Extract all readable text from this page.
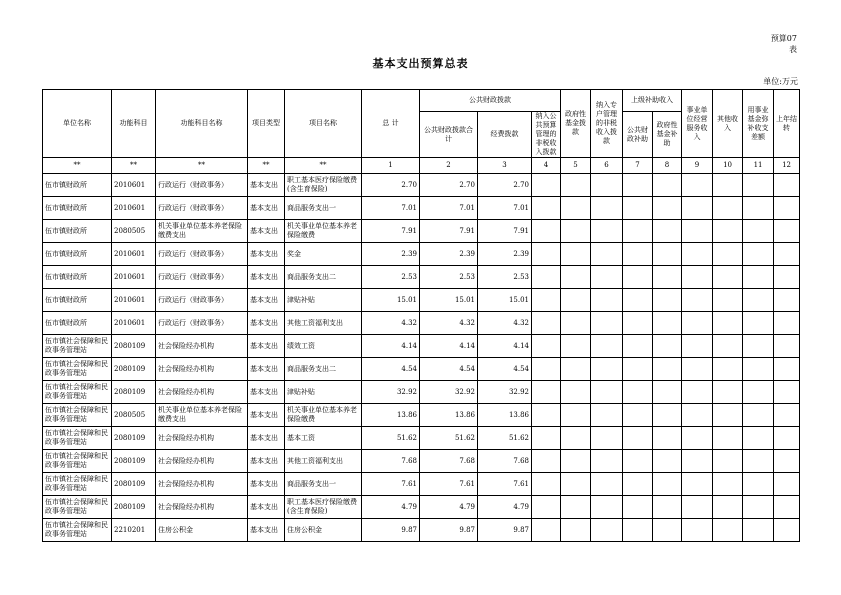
预算07
表
基本支出预算总表
单位:万元
单位名称	功能科目	功能科目名称	项目类型	项目名称	总 计	公共财政拨款			政府性基金拨款	纳入专户管理的非税收入拨款	上级补助收入		事业单位经营服务收入	其他收入	用事业基金弥补收支差额	上年结转
						公共财政拨款合计	经费拨款	纳入公共预算管理的非税收入拨款								
											公共财政补助	政府性基金补助				
**	**	**	**	**	1	2	3	4	5	6	7	8	9	10	11	12
伍市镇财政所	2010601	行政运行（财政事务）	基本支出	职工基本医疗保险缴费(含生育保险)	2.70	2.70	2.70									
伍市镇财政所	2010601	行政运行（财政事务）	基本支出	商品服务支出一	7.01	7.01	7.01									
伍市镇财政所	2080505	机关事业单位基本养老保险缴费支出	基本支出	机关事业单位基本养老保险缴费	7.91	7.91	7.91									
伍市镇财政所	2010601	行政运行（财政事务）	基本支出	奖金	2.39	2.39	2.39									
伍市镇财政所	2010601	行政运行（财政事务）	基本支出	商品服务支出二	2.53	2.53	2.53									
伍市镇财政所	2010601	行政运行（财政事务）	基本支出	津贴补贴	15.01	15.01	15.01									
伍市镇财政所	2010601	行政运行（财政事务）	基本支出	其他工资福利支出	4.32	4.32	4.32									
伍市镇社会保障和民政事务管理站	2080109	社会保险经办机构	基本支出	绩效工资	4.14	4.14	4.14									
伍市镇社会保障和民政事务管理站	2080109	社会保险经办机构	基本支出	商品服务支出二	4.54	4.54	4.54									
伍市镇社会保障和民政事务管理站	2080109	社会保险经办机构	基本支出	津贴补贴	32.92	32.92	32.92									
伍市镇社会保障和民政事务管理站	2080505	机关事业单位基本养老保险缴费支出	基本支出	机关事业单位基本养老保险缴费	13.86	13.86	13.86									
伍市镇社会保障和民政事务管理站	2080109	社会保险经办机构	基本支出	基本工资	51.62	51.62	51.62									
伍市镇社会保障和民政事务管理站	2080109	社会保险经办机构	基本支出	其他工资福利支出	7.68	7.68	7.68									
伍市镇社会保障和民政事务管理站	2080109	社会保险经办机构	基本支出	商品服务支出一	7.61	7.61	7.61									
伍市镇社会保障和民政事务管理站	2080109	社会保险经办机构	基本支出	职工基本医疗保险缴费(含生育保险)	4.79	4.79	4.79									
伍市镇社会保障和民政事务管理站	2210201	住房公积金	基本支出	住房公积金	9.87	9.87	9.87									
